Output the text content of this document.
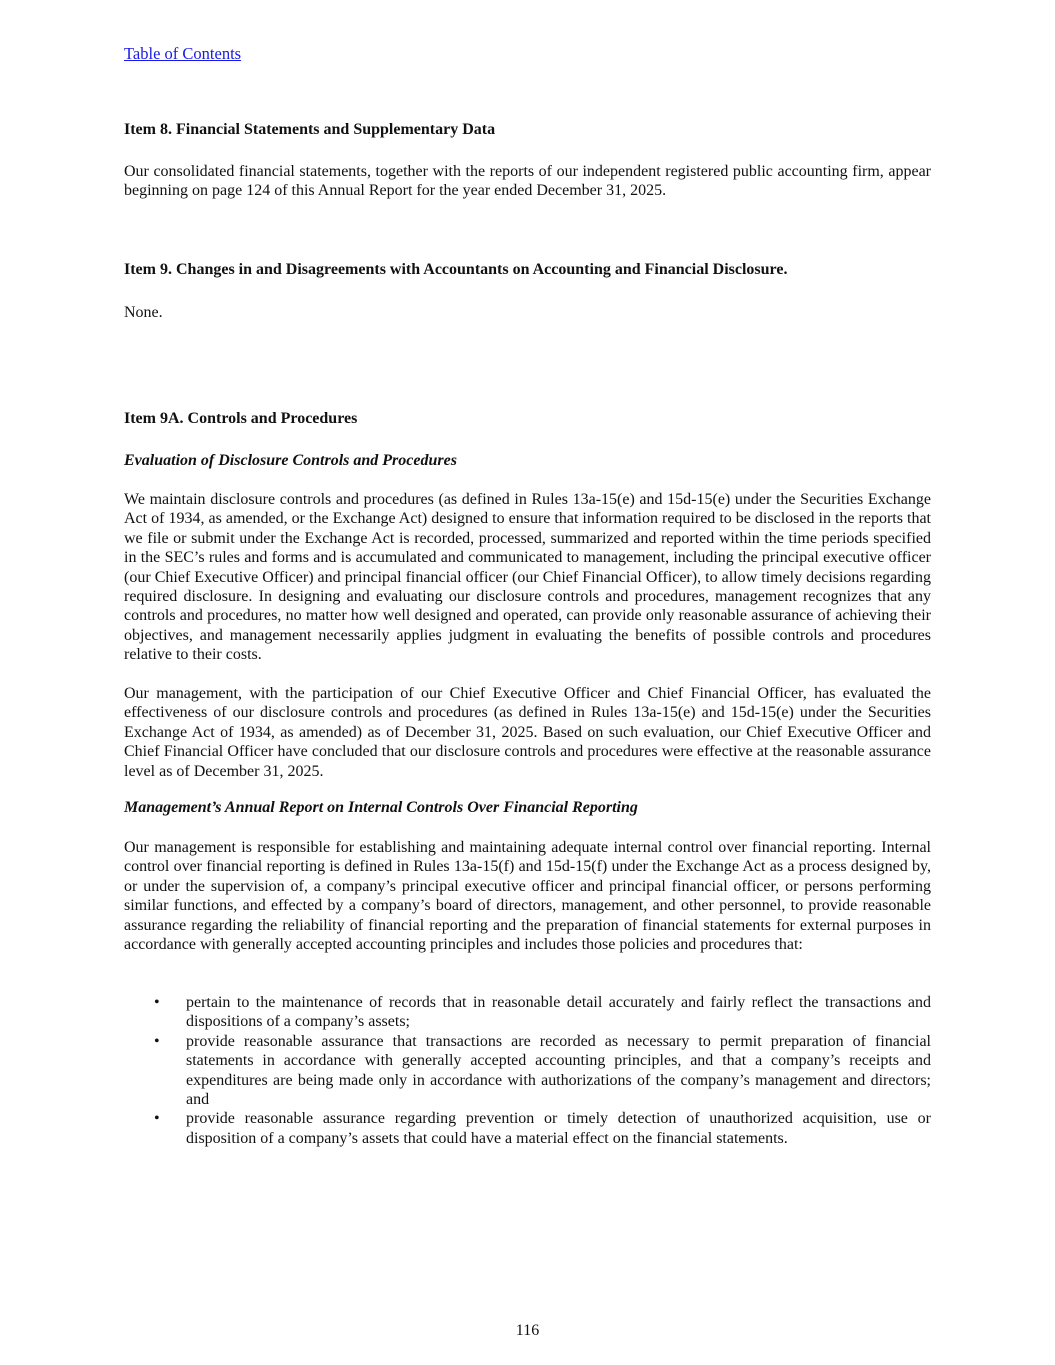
Table of Contents
Item 8. Financial Statements and Supplementary Data
Our consolidated financial statements, together with the reports of our independent registered public accounting firm, appear beginning on page 124 of this Annual Report for the year ended December 31, 2025.
Item 9. Changes in and Disagreements with Accountants on Accounting and Financial Disclosure.
None.
Item 9A. Controls and Procedures
Evaluation of Disclosure Controls and Procedures
We maintain disclosure controls and procedures (as defined in Rules 13a-15(e) and 15d-15(e) under the Securities Exchange Act of 1934, as amended, or the Exchange Act) designed to ensure that information required to be disclosed in the reports that we file or submit under the Exchange Act is recorded, processed, summarized and reported within the time periods specified in the SEC’s rules and forms and is accumulated and communicated to management, including the principal executive officer (our Chief Executive Officer) and principal financial officer (our Chief Financial Officer), to allow timely decisions regarding required disclosure. In designing and evaluating our disclosure controls and procedures, management recognizes that any controls and procedures, no matter how well designed and operated, can provide only reasonable assurance of achieving their objectives, and management necessarily applies judgment in evaluating the benefits of possible controls and procedures relative to their costs.
Our management, with the participation of our Chief Executive Officer and Chief Financial Officer, has evaluated the effectiveness of our disclosure controls and procedures (as defined in Rules 13a-15(e) and 15d-15(e) under the Securities Exchange Act of 1934, as amended) as of December 31, 2025. Based on such evaluation, our Chief Executive Officer and Chief Financial Officer have concluded that our disclosure controls and procedures were effective at the reasonable assurance level as of December 31, 2025.
Management’s Annual Report on Internal Controls Over Financial Reporting
Our management is responsible for establishing and maintaining adequate internal control over financial reporting. Internal control over financial reporting is defined in Rules 13a-15(f) and 15d-15(f) under the Exchange Act as a process designed by, or under the supervision of, a company’s principal executive officer and principal financial officer, or persons performing similar functions, and effected by a company’s board of directors, management, and other personnel, to provide reasonable assurance regarding the reliability of financial reporting and the preparation of financial statements for external purposes in accordance with generally accepted accounting principles and includes those policies and procedures that:
• pertain to the maintenance of records that in reasonable detail accurately and fairly reflect the transactions and dispositions of a company’s assets;
• provide reasonable assurance that transactions are recorded as necessary to permit preparation of financial statements in accordance with generally accepted accounting principles, and that a company’s receipts and expenditures are being made only in accordance with authorizations of the company’s management and directors; and
• provide reasonable assurance regarding prevention or timely detection of unauthorized acquisition, use or disposition of a company’s assets that could have a material effect on the financial statements.
116
